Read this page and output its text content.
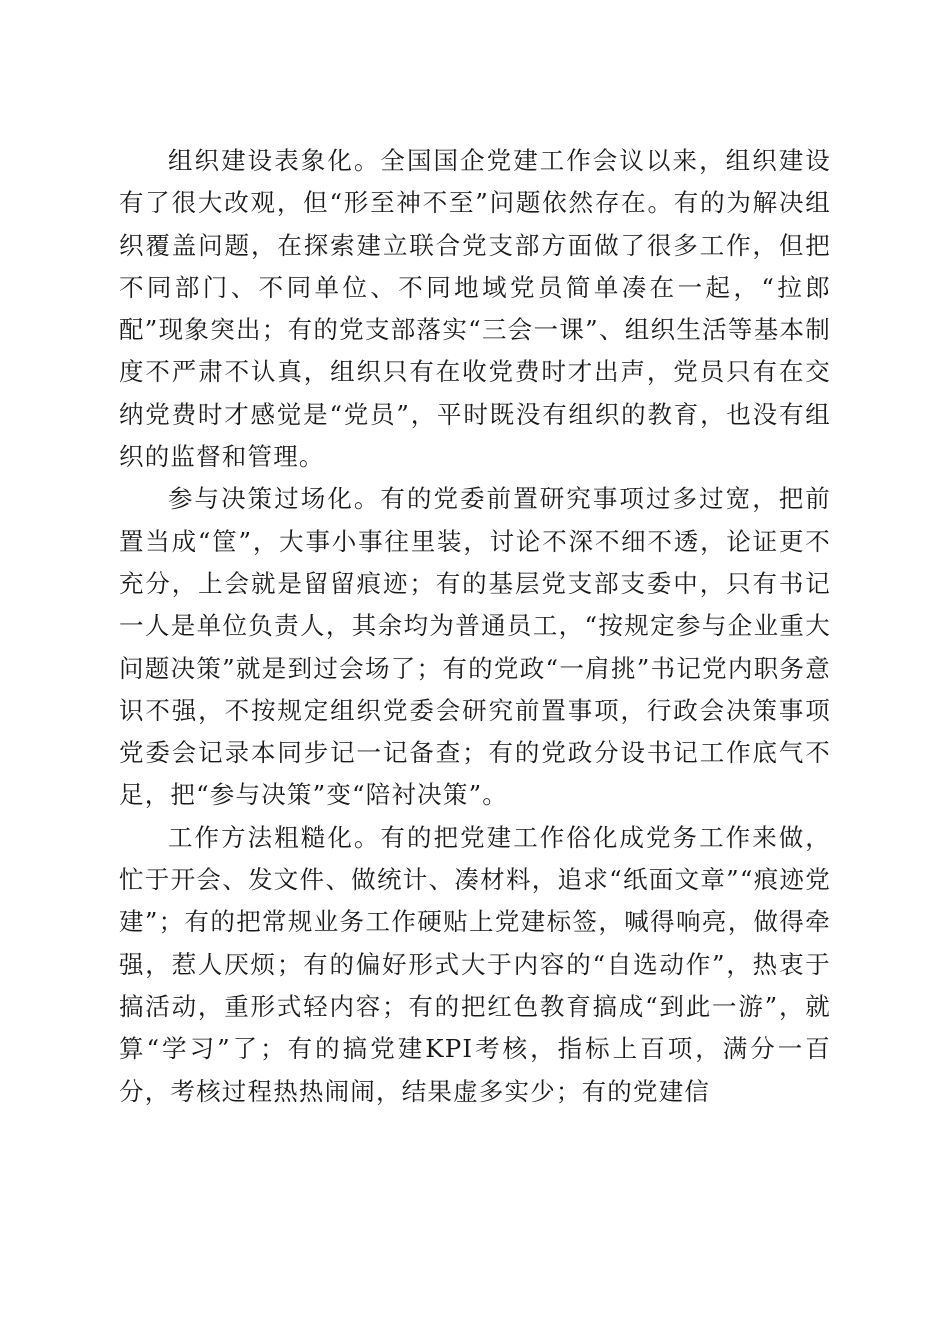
组织建设表象化。全国国企党建工作会议以来，组织建设有了很大改观，但“形至神不至”问题依然存在。有的为解决组织覆盖问题，在探索建立联合党支部方面做了很多工作，但把不同部门、不同单位、不同地域党员简单凑在一起，“拉郎配”现象突出；有的党支部落实“三会一课”、组织生活等基本制度不严肃不认真，组织只有在收党费时才出声，党员只有在交纳党费时才感觉是“党员”，平时既没有组织的教育，也没有组织的监督和管理。

参与决策过场化。有的党委前置研究事项过多过宽，把前置当成“筐”，大事小事往里装，讨论不深不细不透，论证更不充分，上会就是留留痕迹；有的基层党支部支委中，只有书记一人是单位负责人，其余均为普通员工，“按规定参与企业重大问题决策”就是到过会场了；有的党政“一肩挑”书记党内职务意识不强，不按规定组织党委会研究前置事项，行政会决策事项党委会记录本同步记一记备查；有的党政分设书记工作底气不足，把“参与决策”变“陪衬决策”。

工作方法粗糙化。有的把党建工作俗化成党务工作来做，忙于开会、发文件、做统计、凑材料，追求“纸面文章”“痕迹党建”；有的把常规业务工作硬贴上党建标签，喊得响亮，做得牵强，惹人厌烦；有的偏好形式大于内容的“自选动作”，热衷于搞活动，重形式轻内容；有的把红色教育搞成“到此一游”，就算“学习”了；有的搞党建KPI考核，指标上百项，满分一百分，考核过程热热闹闹，结果虚多实少；有的党建信
